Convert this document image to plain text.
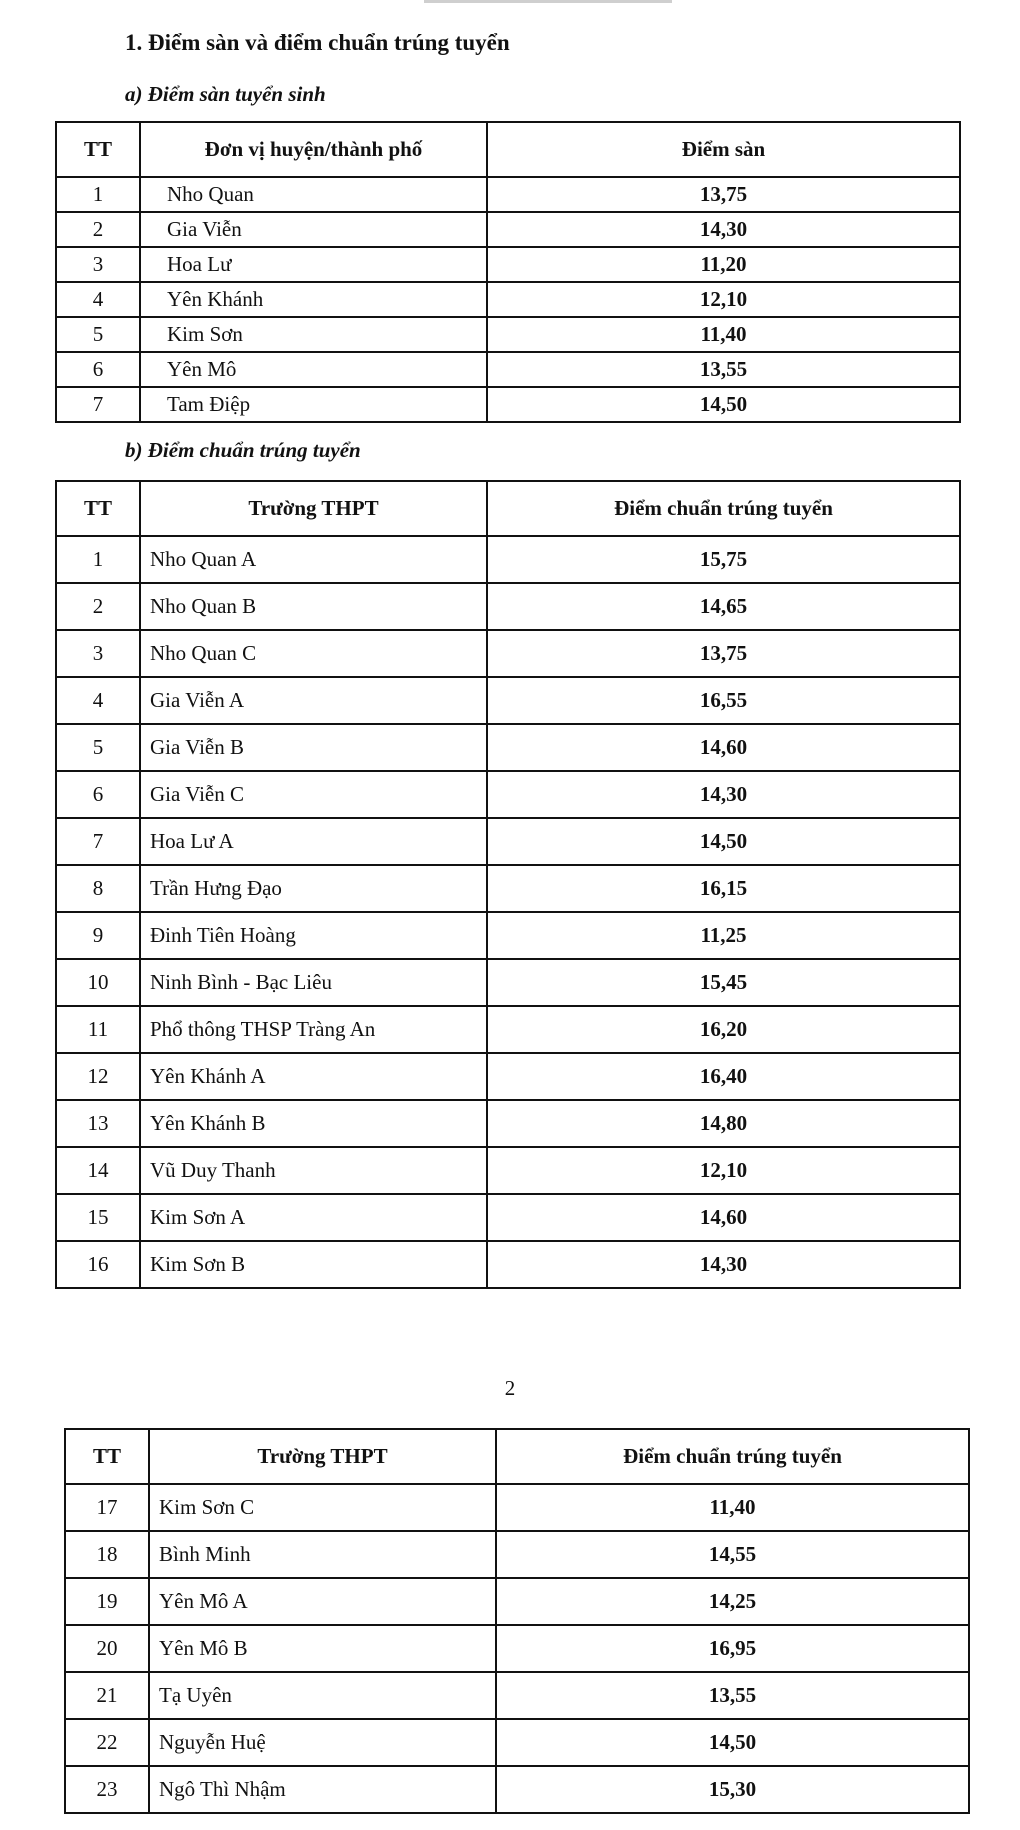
1. Điểm sàn và điểm chuẩn trúng tuyển
a) Điểm sàn tuyển sinh
TT	Đơn vị huyện/thành phố	Điểm sàn
1	Nho Quan	13,75
2	Gia Viễn	14,30
3	Hoa Lư	11,20
4	Yên Khánh	12,10
5	Kim Sơn	11,40
6	Yên Mô	13,55
7	Tam Điệp	14,50
b) Điểm chuẩn trúng tuyển
TT	Trường THPT	Điểm chuẩn trúng tuyển
1	Nho Quan A	15,75
2	Nho Quan B	14,65
3	Nho Quan C	13,75
4	Gia Viễn A	16,55
5	Gia Viễn B	14,60
6	Gia Viễn C	14,30
7	Hoa Lư A	14,50
8	Trần Hưng Đạo	16,15
9	Đinh Tiên Hoàng	11,25
10	Ninh Bình - Bạc Liêu	15,45
11	Phổ thông THSP Tràng An	16,20
12	Yên Khánh A	16,40
13	Yên Khánh B	14,80
14	Vũ Duy Thanh	12,10
15	Kim Sơn A	14,60
16	Kim Sơn B	14,30
2
TT	Trường THPT	Điểm chuẩn trúng tuyển
17	Kim Sơn C	11,40
18	Bình Minh	14,55
19	Yên Mô A	14,25
20	Yên Mô B	16,95
21	Tạ Uyên	13,55
22	Nguyễn Huệ	14,50
23	Ngô Thì Nhậm	15,30
